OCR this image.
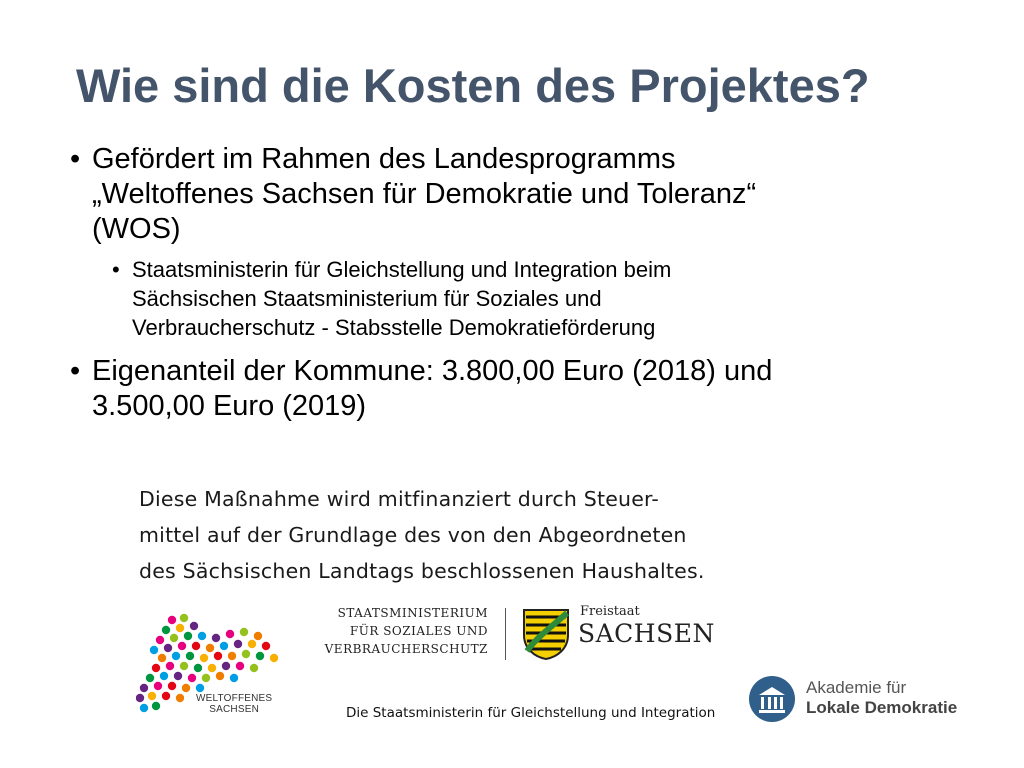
Wie sind die Kosten des Projektes?
• Gefördert im Rahmen des Landesprogramms
„Weltoffenes Sachsen für Demokratie und Toleranz“
(WOS)
• Staatsministerin für Gleichstellung und Integration beim
Sächsischen Staatsministerium für Soziales und
Verbraucherschutz - Stabsstelle Demokratieförderung
• Eigenanteil der Kommune: 3.800,00 Euro (2018) und
3.500,00 Euro (2019)
Diese Maßnahme wird mitfinanziert durch Steuer-
mittel auf der Grundlage des von den Abgeordneten
des Sächsischen Landtags beschlossenen Haushaltes.
WELTOFFENES
SACHSEN
STAATSMINISTERIUM
FÜR SOZIALES UND
VERBRAUCHERSCHUTZ
Freistaat
SACHSEN
Die Staatsministerin für Gleichstellung und Integration
Akademie für
Lokale Demokratie
